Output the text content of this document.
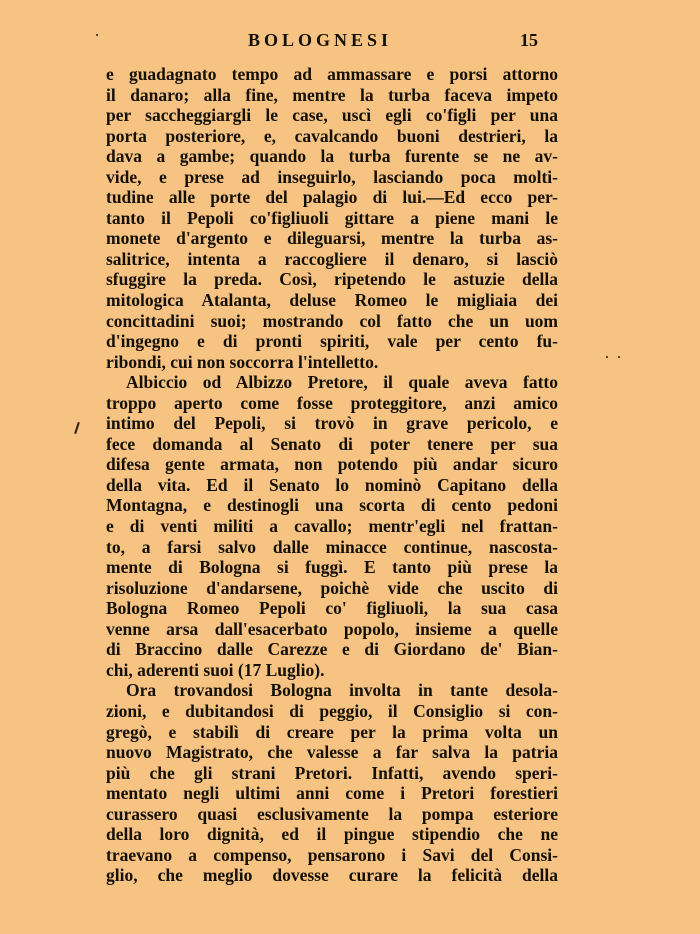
BOLOGNESI	15
e guadagnato tempo ad ammassare e porsi attorno
il danaro; alla fine, mentre la turba faceva impeto
per saccheggiargli le case, uscì egli co'figli per una
porta posteriore, e, cavalcando buoni destrieri, la
dava a gambe; quando la turba furente se ne av-
vide, e prese ad inseguirlo, lasciando poca molti-
tudine alle porte del palagio di lui.—Ed ecco per-
tanto il Pepoli co'figliuoli gittare a piene mani le
monete d'argento e dileguarsi, mentre la turba as-
salitrice, intenta a raccogliere il denaro, si lasciò
sfuggire la preda. Così, ripetendo le astuzie della
mitologica Atalanta, deluse Romeo le migliaia dei
concittadini suoi; mostrando col fatto che un uom
d'ingegno e di pronti spiriti, vale per cento fu-
ribondi, cui non soccorra l'intelletto.
Albiccio od Albizzo Pretore, il quale aveva fatto
troppo aperto come fosse proteggitore, anzi amico
intimo del Pepoli, si trovò in grave pericolo, e
fece domanda al Senato di poter tenere per sua
difesa gente armata, non potendo più andar sicuro
della vita. Ed il Senato lo nominò Capitano della
Montagna, e destinogli una scorta di cento pedoni
e di venti militi a cavallo; mentr'egli nel frattan-
to, a farsi salvo dalle minacce continue, nascosta-
mente di Bologna si fuggì. E tanto più prese la
risoluzione d'andarsene, poichè vide che uscito di
Bologna Romeo Pepoli co' figliuoli, la sua casa
venne arsa dall'esacerbato popolo, insieme a quelle
di Braccino dalle Carezze e di Giordano de' Bian-
chi, aderenti suoi (17 Luglio).
Ora trovandosi Bologna involta in tante desola-
zioni, e dubitandosi di peggio, il Consiglio si con-
gregò, e stabilì di creare per la prima volta un
nuovo Magistrato, che valesse a far salva la patria
più che gli strani Pretori. Infatti, avendo speri-
mentato negli ultimi anni come i Pretori forestieri
curassero quasi esclusivamente la pompa esteriore
della loro dignità, ed il pingue stipendio che ne
traevano a compenso, pensarono i Savi del Consi-
glio, che meglio dovesse curare la felicità della
